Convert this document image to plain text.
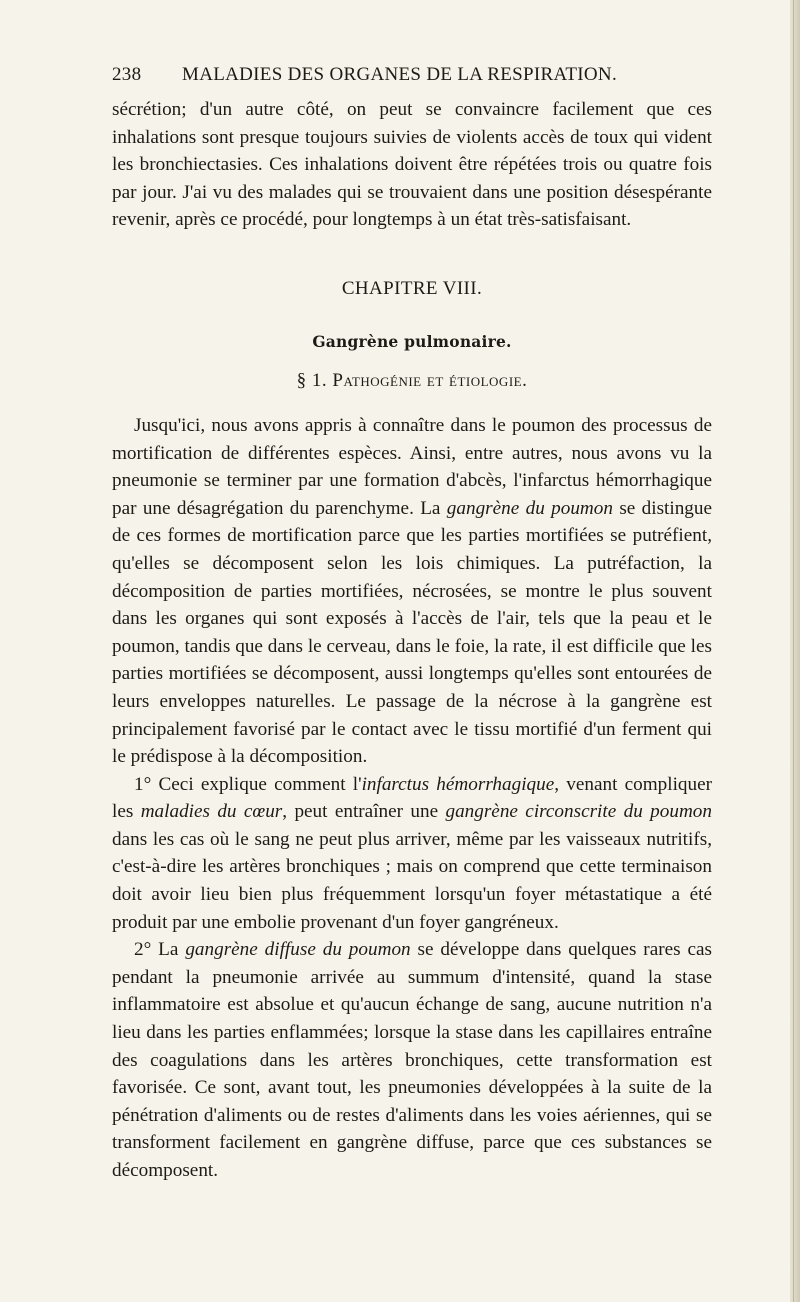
238	MALADIES DES ORGANES DE LA RESPIRATION.

sécrétion; d'un autre côté, on peut se convaincre facilement que ces inhalations sont presque toujours suivies de violents accès de toux qui vident les bronchiectasies. Ces inhalations doivent être répétées trois ou quatre fois par jour. J'ai vu des malades qui se trouvaient dans une position désespérante revenir, après ce procédé, pour longtemps à un état très-satisfaisant.

CHAPITRE VIII.
Gangrène pulmonaire.
§ 1. Pathogénie et étiologie.

Jusqu'ici, nous avons appris à connaître dans le poumon des processus de mortification de différentes espèces. Ainsi, entre autres, nous avons vu la pneumonie se terminer par une formation d'abcès, l'infarctus hémorrhagique par une désagrégation du parenchyme. La gangrène du poumon se distingue de ces formes de mortification parce que les parties mortifiées se putréfient, qu'elles se décomposent selon les lois chimiques. La putréfaction, la décomposition de parties mortifiées, nécrosées, se montre le plus souvent dans les organes qui sont exposés à l'accès de l'air, tels que la peau et le poumon, tandis que dans le cerveau, dans le foie, la rate, il est difficile que les parties mortifiées se décomposent, aussi longtemps qu'elles sont entourées de leurs enveloppes naturelles. Le passage de la nécrose à la gangrène est principalement favorisé par le contact avec le tissu mortifié d'un ferment qui le prédispose à la décomposition.

1° Ceci explique comment l'infarctus hémorrhagique, venant compliquer les maladies du cœur, peut entraîner une gangrène circonscrite du poumon dans les cas où le sang ne peut plus arriver, même par les vaisseaux nutritifs, c'est-à-dire les artères bronchiques ; mais on comprend que cette terminaison doit avoir lieu bien plus fréquemment lorsqu'un foyer métastatique a été produit par une embolie provenant d'un foyer gangréneux.

2° La gangrène diffuse du poumon se développe dans quelques rares cas pendant la pneumonie arrivée au summum d'intensité, quand la stase inflammatoire est absolue et qu'aucun échange de sang, aucune nutrition n'a lieu dans les parties enflammées; lorsque la stase dans les capillaires entraîne des coagulations dans les artères bronchiques, cette transformation est favorisée. Ce sont, avant tout, les pneumonies développées à la suite de la pénétration d'aliments ou de restes d'aliments dans les voies aériennes, qui se transforment facilement en gangrène diffuse, parce que ces substances se décomposent.
